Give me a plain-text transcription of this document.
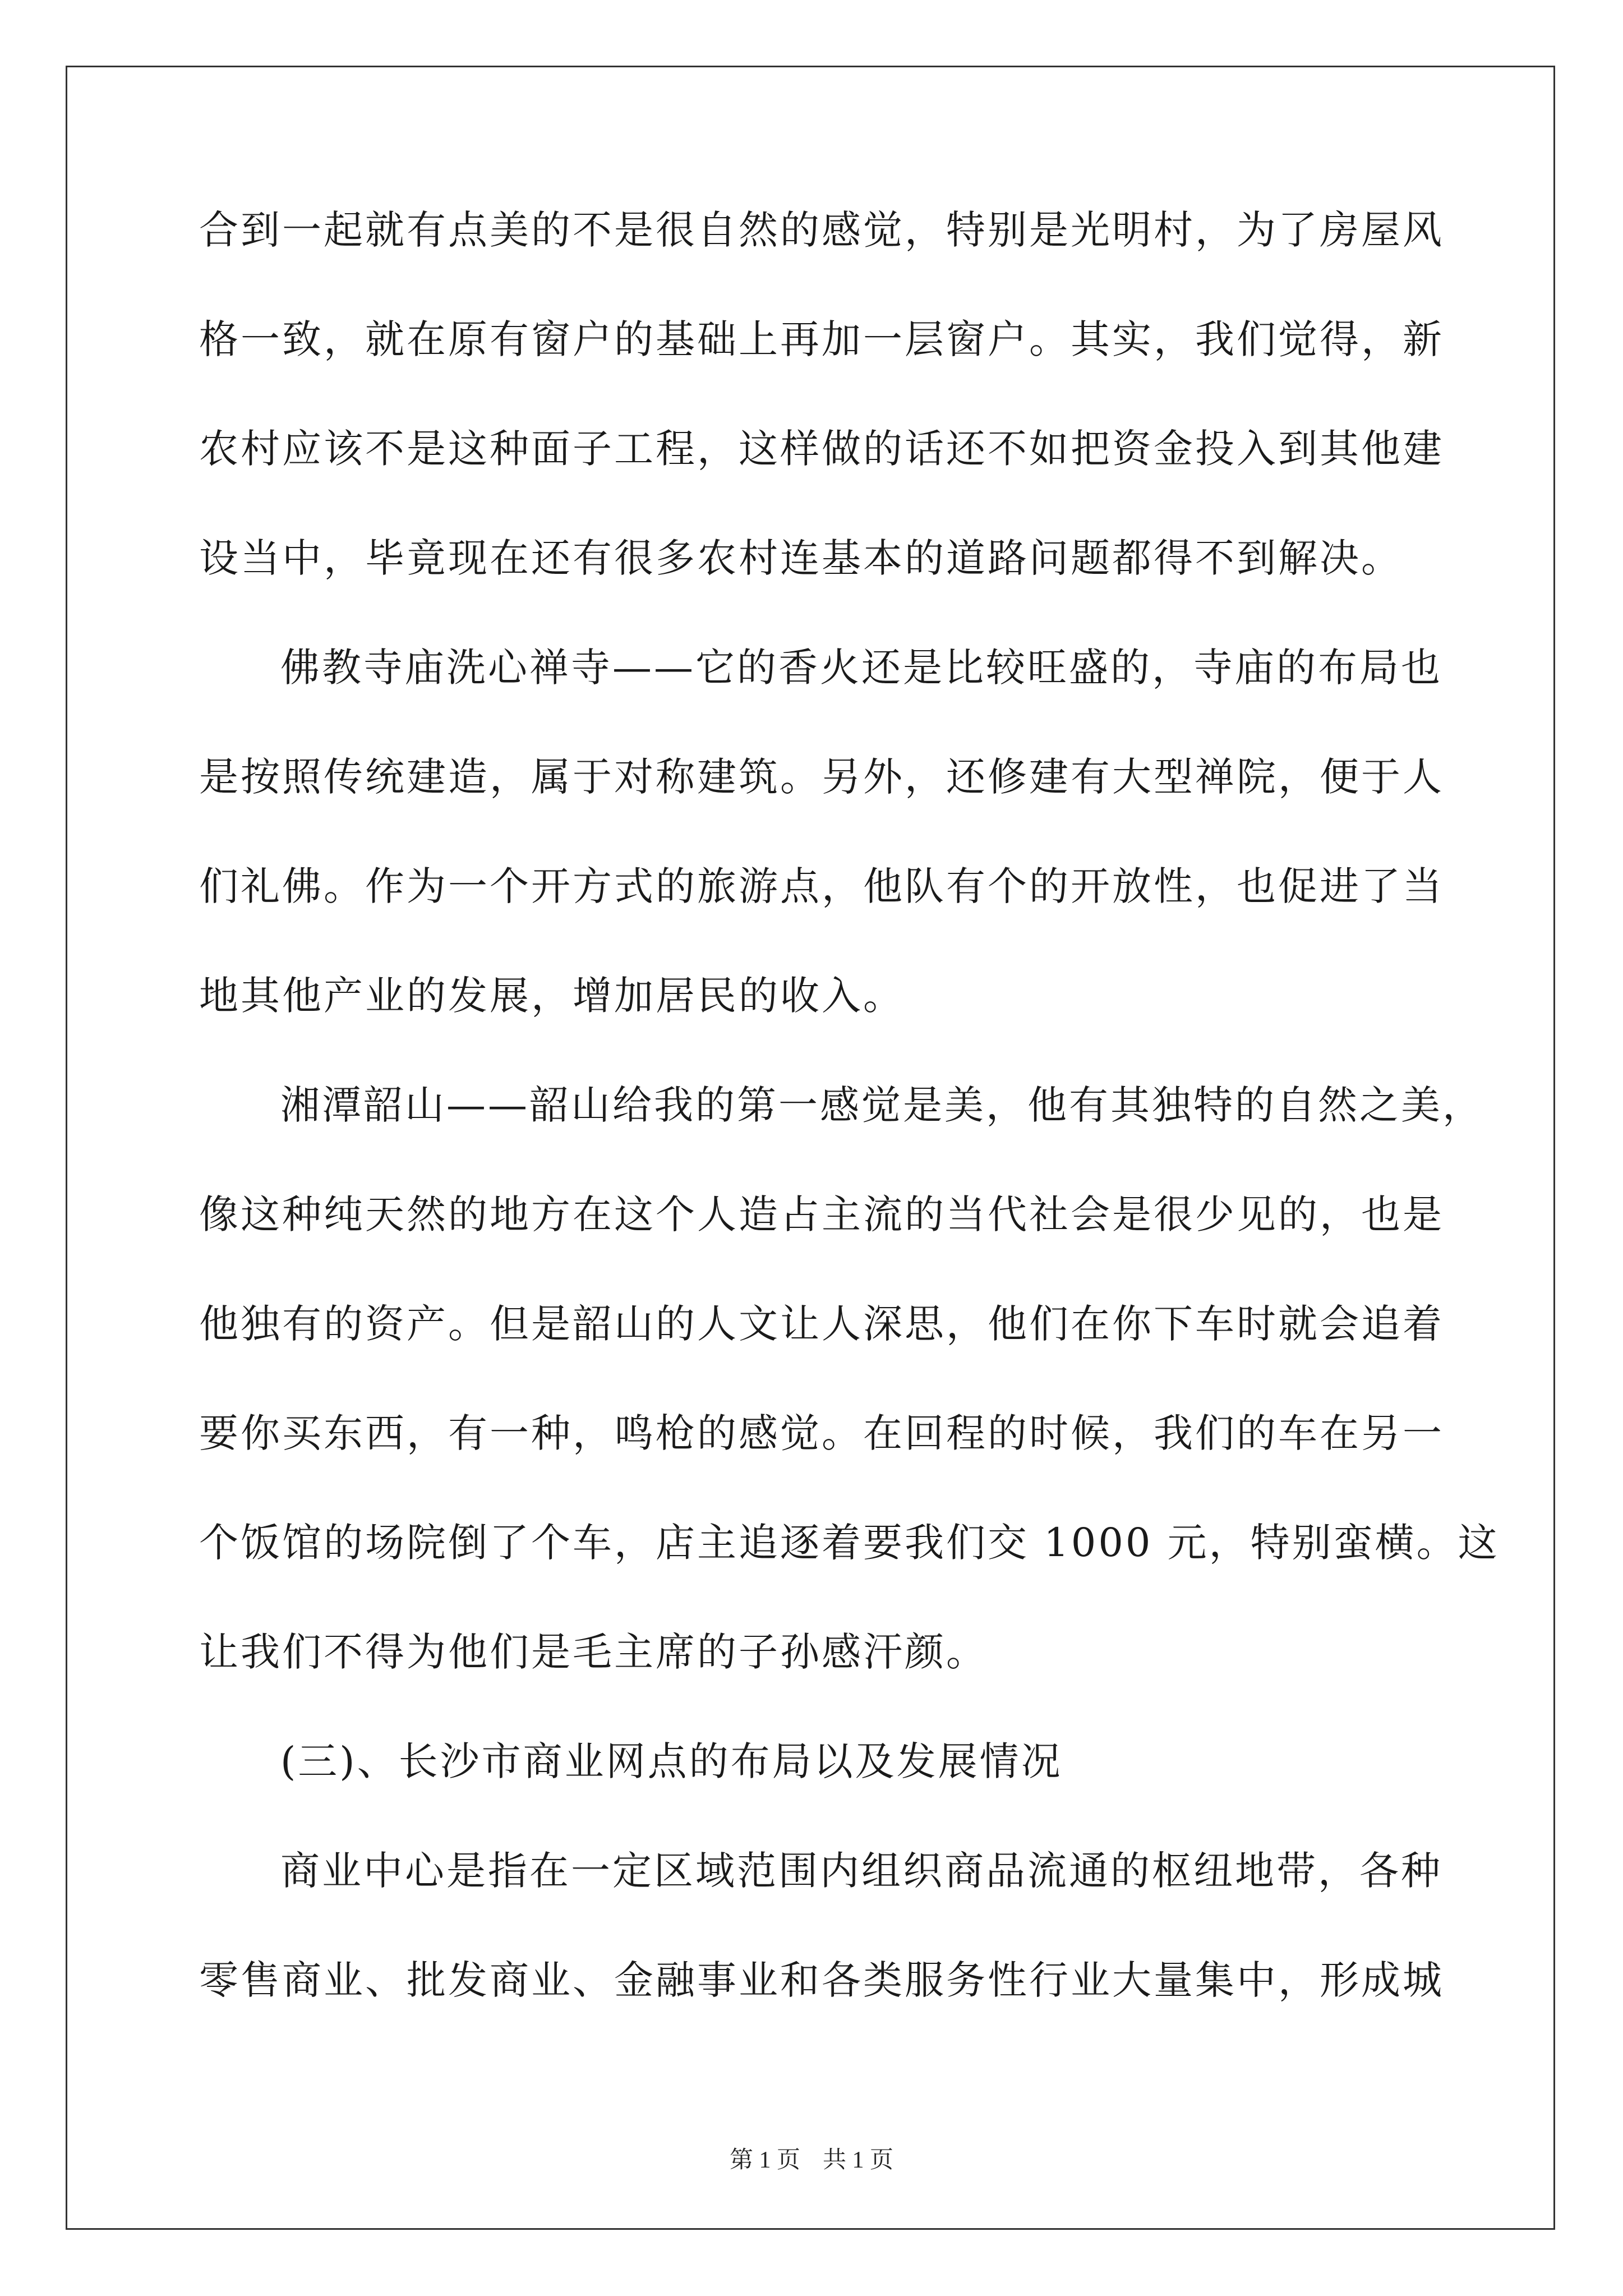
合到一起就有点美的不是很自然的感觉，特别是光明村，为了房屋风
格一致，就在原有窗户的基础上再加一层窗户。其实，我们觉得，新
农村应该不是这种面子工程，这样做的话还不如把资金投入到其他建
设当中，毕竟现在还有很多农村连基本的道路问题都得不到解决。
佛教寺庙洗心禅寺——它的香火还是比较旺盛的，寺庙的布局也
是按照传统建造，属于对称建筑。另外，还修建有大型禅院，便于人
们礼佛。作为一个开方式的旅游点，他队有个的开放性，也促进了当
地其他产业的发展，增加居民的收入。
湘潭韶山——韶山给我的第一感觉是美，他有其独特的自然之美，
像这种纯天然的地方在这个人造占主流的当代社会是很少见的，也是
他独有的资产。但是韶山的人文让人深思，他们在你下车时就会追着
要你买东西，有一种，鸣枪的感觉。在回程的时候，我们的车在另一
个饭馆的场院倒了个车，店主追逐着要我们交 1000 元，特别蛮横。这
让我们不得为他们是毛主席的子孙感汗颜。
(三)、长沙市商业网点的布局以及发展情况
商业中心是指在一定区域范围内组织商品流通的枢纽地带，各种
零售商业、批发商业、金融事业和各类服务性行业大量集中，形成城
第 1 页 共 1 页
